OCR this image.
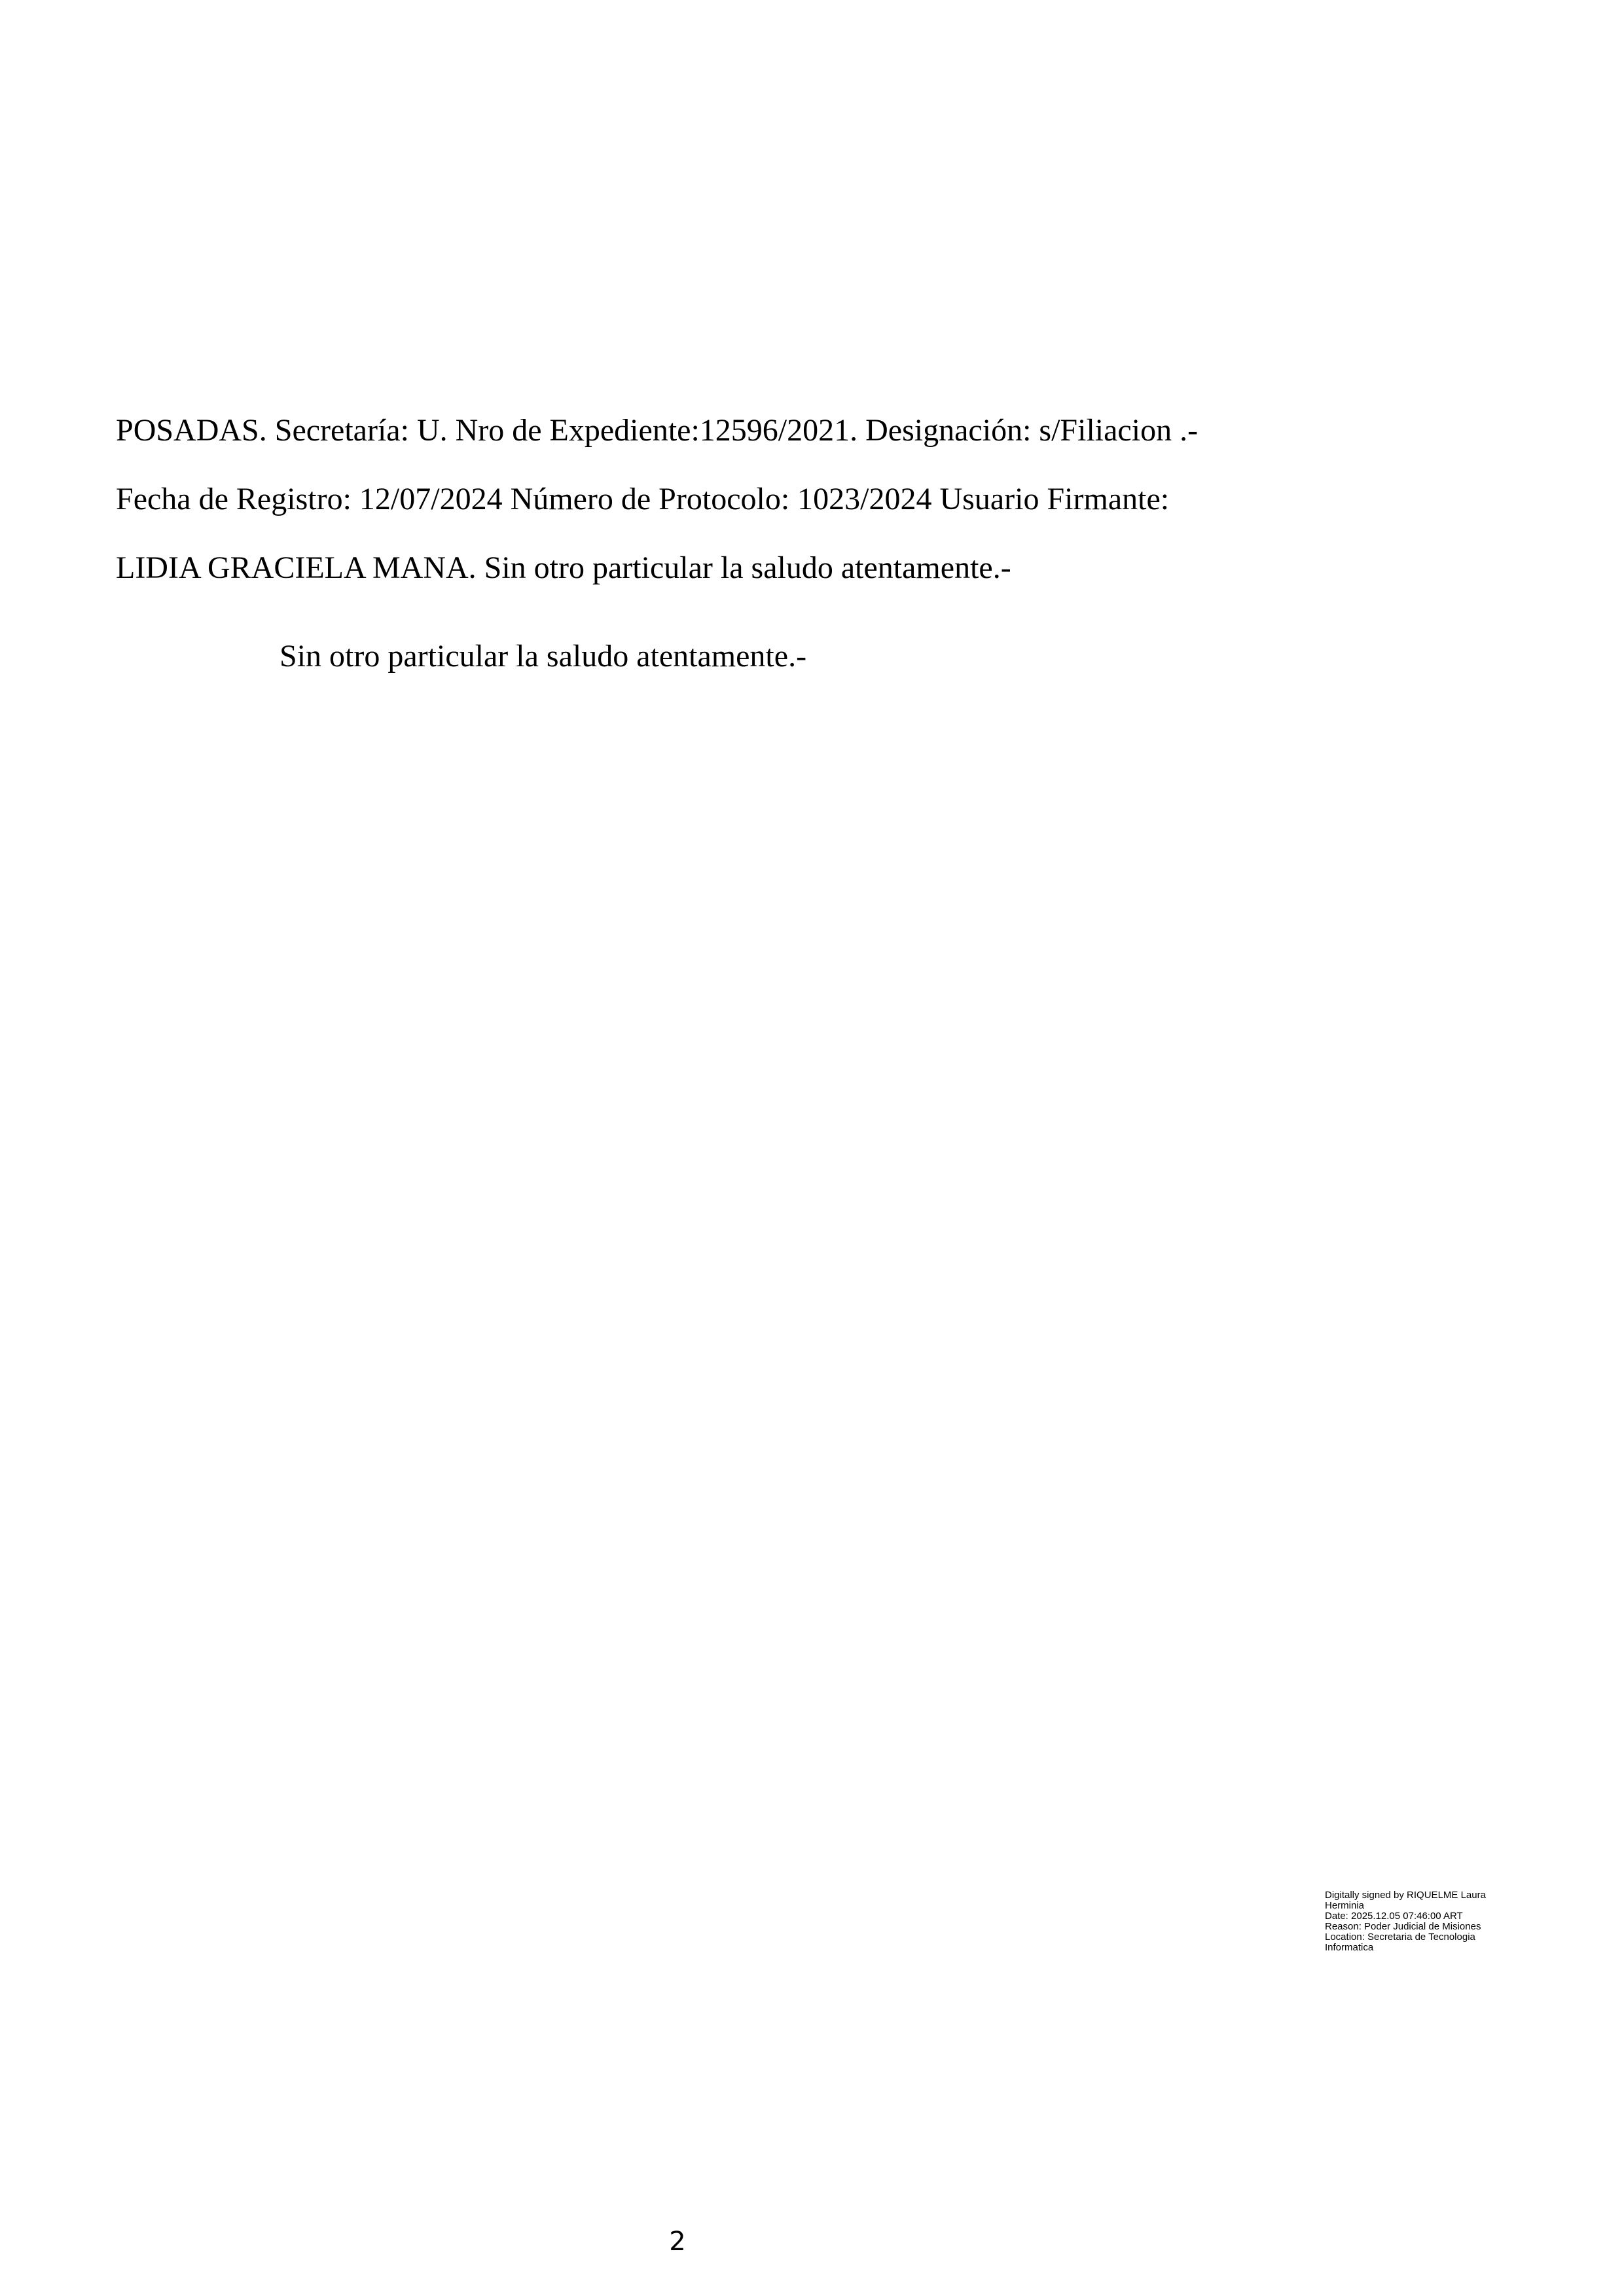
POSADAS. Secretaría: U. Nro de Expediente:12596/2021. Designación: s/Filiacion .-
Fecha de Registro: 12/07/2024 Número de Protocolo: 1023/2024 Usuario Firmante:
LIDIA GRACIELA MANA. Sin otro particular la saludo atentamente.-
Sin otro particular la saludo atentamente.-
Digitally signed by RIQUELME Laura
Herminia
Date: 2025.12.05 07:46:00 ART
Reason: Poder Judicial de Misiones
Location: Secretaria de Tecnologia
Informatica
2
